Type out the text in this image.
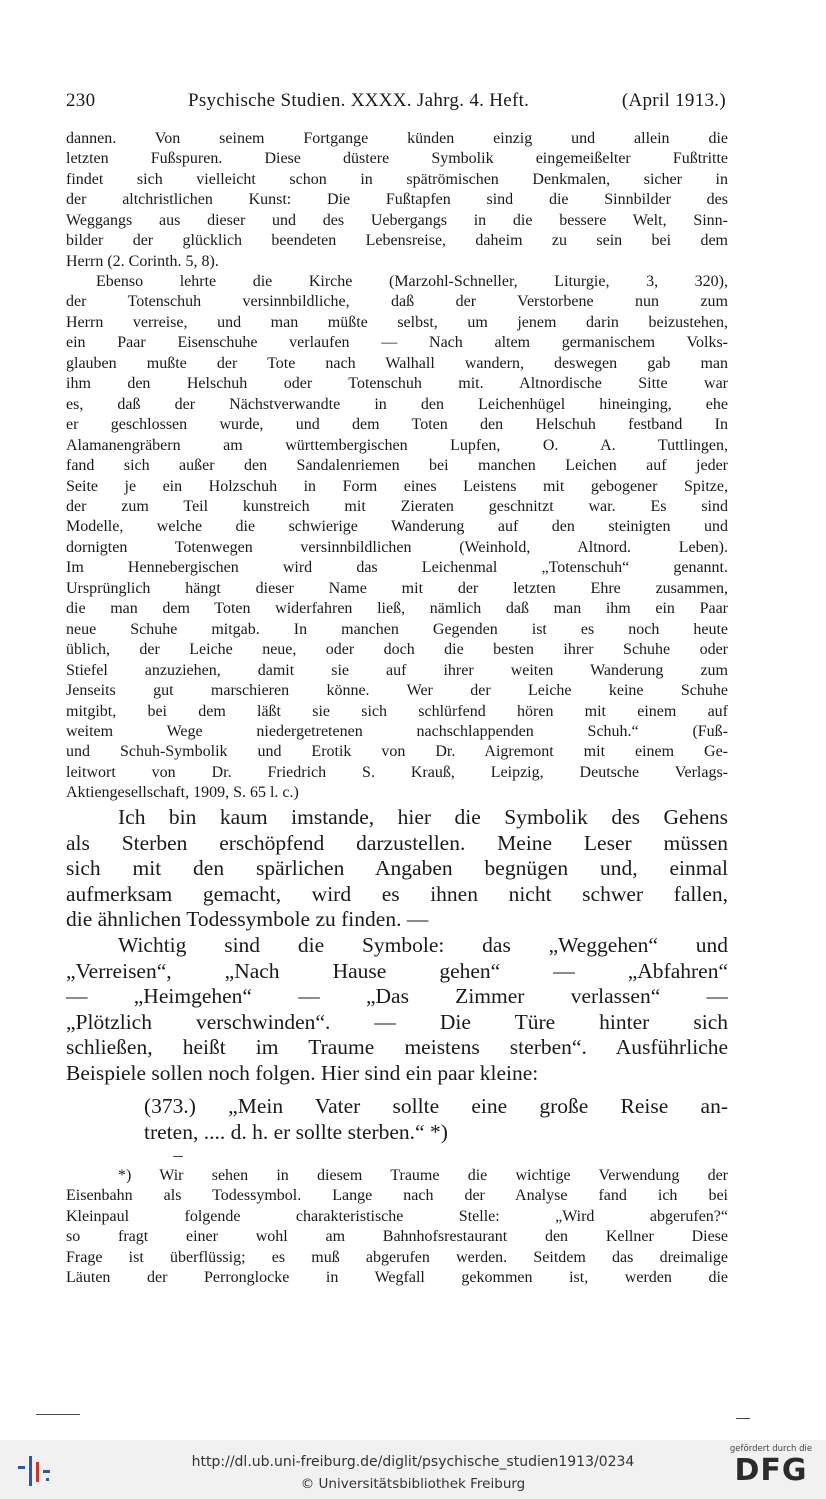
230	Psychische Studien. XXXX. Jahrg. 4. Heft.	(April 1913.)
dannen. Von seinem Fortgange künden einzig und allein die
letzten Fußspuren. Diese düstere Symbolik eingemeißelter Fußtritte
findet sich vielleicht schon in spätrömischen Denkmalen, sicher in
der altchristlichen Kunst: Die Fußtapfen sind die Sinnbilder des
Weggangs aus dieser und des Uebergangs in die bessere Welt, Sinn-
bilder der glücklich beendeten Lebensreise, daheim zu sein bei dem
Herrn (2. Corinth. 5, 8).
Ebenso lehrte die Kirche (Marzohl-Schneller, Liturgie, 3, 320),
der Totenschuh versinnbildliche, daß der Verstorbene nun zum
Herrn verreise, und man müßte selbst, um jenem darin beizustehen,
ein Paar Eisenschuhe verlaufen — Nach altem germanischem Volks-
glauben mußte der Tote nach Walhall wandern, deswegen gab man
ihm den Helschuh oder Totenschuh mit. Altnordische Sitte war
es, daß der Nächstverwandte in den Leichenhügel hineinging, ehe
er geschlossen wurde, und dem Toten den Helschuh festband In
Alamanengräbern am württembergischen Lupfen, O. A. Tuttlingen,
fand sich außer den Sandalenriemen bei manchen Leichen auf jeder
Seite je ein Holzschuh in Form eines Leistens mit gebogener Spitze,
der zum Teil kunstreich mit Zieraten geschnitzt war. Es sind
Modelle, welche die schwierige Wanderung auf den steinigten und
dornigten Totenwegen versinnbildlichen (Weinhold, Altnord. Leben).
Im Hennebergischen wird das Leichenmal „Totenschuh“ genannt.
Ursprünglich hängt dieser Name mit der letzten Ehre zusammen,
die man dem Toten widerfahren ließ, nämlich daß man ihm ein Paar
neue Schuhe mitgab. In manchen Gegenden ist es noch heute
üblich, der Leiche neue, oder doch die besten ihrer Schuhe oder
Stiefel anzuziehen, damit sie auf ihrer weiten Wanderung zum
Jenseits gut marschieren könne. Wer der Leiche keine Schuhe
mitgibt, bei dem läßt sie sich schlürfend hören mit einem auf
weitem Wege niedergetretenen nachschlappenden Schuh.“ (Fuß-
und Schuh-Symbolik und Erotik von Dr. Aigremont mit einem Ge-
leitwort von Dr. Friedrich S. Krauß, Leipzig, Deutsche Verlags-
Aktiengesellschaft, 1909, S. 65 l. c.)
Ich bin kaum imstande, hier die Symbolik des Gehens
als Sterben erschöpfend darzustellen. Meine Leser müssen
sich mit den spärlichen Angaben begnügen und, einmal
aufmerksam gemacht, wird es ihnen nicht schwer fallen,
die ähnlichen Todessymbole zu finden. —
Wichtig sind die Symbole: das „Weggehen“ und
„Verreisen“, „Nach Hause gehen“ — „Abfahren“
— „Heimgehen“ — „Das Zimmer verlassen“ —
„Plötzlich verschwinden“. — Die Türe hinter sich
schließen, heißt im Traume meistens sterben“. Ausführliche
Beispiele sollen noch folgen. Hier sind ein paar kleine:
(373.) „Mein Vater sollte eine große Reise an-
treten, .... d. h. er sollte sterben.“ *)
*) Wir sehen in diesem Traume die wichtige Verwendung der
Eisenbahn als Todessymbol. Lange nach der Analyse fand ich bei
Kleinpaul folgende charakteristische Stelle: „Wird abgerufen?“
so fragt einer wohl am Bahnhofsrestaurant den Kellner Diese
Frage ist überflüssig; es muß abgerufen werden. Seitdem das dreimalige
Läuten der Perronglocke in Wegfall gekommen ist, werden die
http://dl.ub.uni-freiburg.de/diglit/psychische_studien1913/0234
© Universitätsbibliothek Freiburg
gefördert durch die
DFG
